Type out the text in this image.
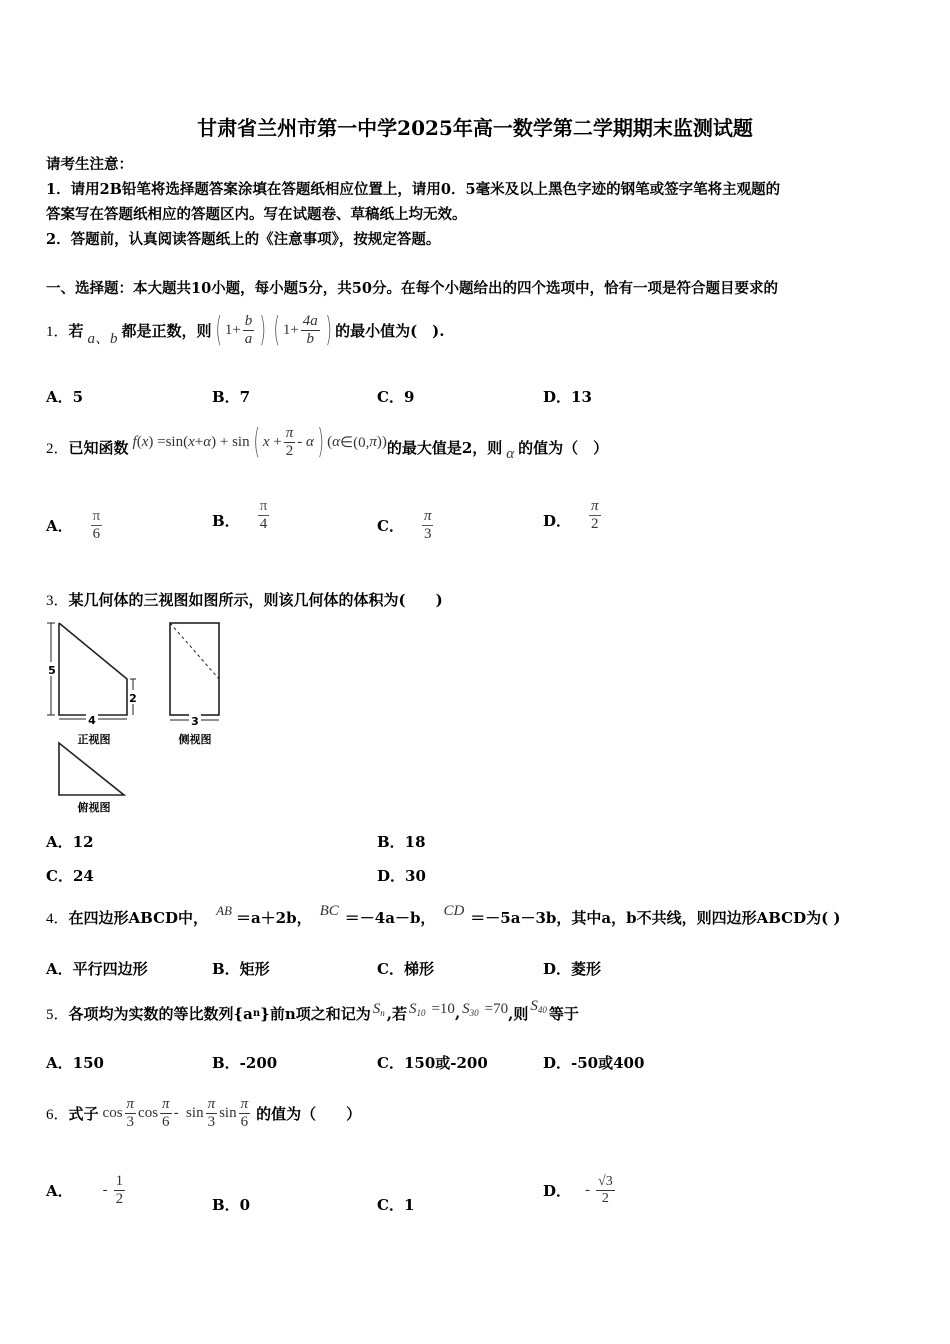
甘肃省兰州市第一中学2025年高一数学第二学期期末监测试题
请考生注意：
1．请用2B铅笔将选择题答案涂填在答题纸相应位置上，请用0．5毫米及以上黑色字迹的钢笔或签字笔将主观题的
答案写在答题纸相应的答题区内。写在试题卷、草稿纸上均无效。
2．答题前，认真阅读答题纸上的《注意事项》，按规定答题。
一、选择题：本大题共10小题，每小题5分，共50分。在每个小题给出的四个选项中，恰有一项是符合题目要求的
1． 若 a、b 都是正数，则 ( $1+ \frac{b}{a}$ ) ( $1+ \frac{4a}{b}$ ) 的最小值为(　).
A．5	B．7	C．9	D．13
2． 已知函数 f ( x ) =sin( x + α ) + sin ( $x + \frac{\pi}{2} - \alpha$ ) ( α ∈(0, π )) 的最大值是2，则 α 的值为（　）
A． $\frac{\pi}{6}$	B． $\frac{\pi}{4}$	C． $\frac{\pi}{3}$	D． $\frac{\pi}{2}$
3．某几何体的三视图如图所示，则该几何体的体积为(　　)
5
2
4
正视图
3
侧视图
俯视图
A．12	B．18
C．24	D．30
4． 在四边形ABCD中， AB ＝a＋2b， BC ＝－4a－b， CD ＝－5a－3b，其中a，b不共线，则四边形ABCD为( )
A．平行四边形	B．矩形	C．梯形	D．菱形
5． 各项均为实数的等比数列{a n }前n项之和记为 $S_n$ ,若 $S_{10} =10$ , $S_{30} =70$ ,则 $S_{40}$ 等于
A．150	B．-200	C．150或-200	D．-50或400
6． 式子 $\cos \frac{\pi}{3}$ $\cos \frac{\pi}{6}$ -  $\sin \frac{\pi}{3}$ $\sin \frac{\pi}{6}$ 的值为（　　）
A． - $\frac{1}{2}$	B．0	C．1
D． - $\frac{√3}{2}$
